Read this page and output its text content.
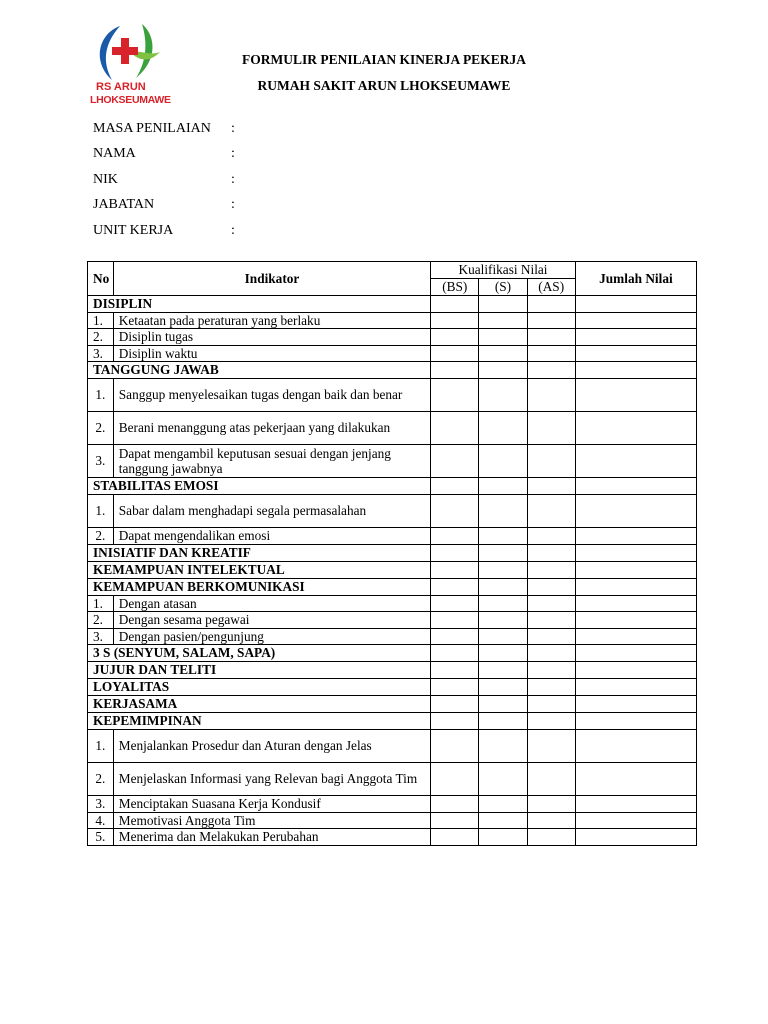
RS ARUN
LHOKSEUMAWE
FORMULIR PENILAIAN KINERJA PEKERJA
RUMAH SAKIT ARUN LHOKSEUMAWE
MASA PENILAIAN	:
NAMA	:
NIK	:
JABATAN	:
UNIT KERJA	:
No	Indikator	Kualifikasi Nilai			Jumlah Nilai
		(BS)	(S)	(AS)	
DISIPLIN					
1.	Ketaatan pada peraturan yang berlaku				
2.	Disiplin tugas				
3.	Disiplin waktu				
TANGGUNG JAWAB					
1.	Sanggup menyelesaikan tugas dengan baik dan benar				
2.	Berani menanggung atas pekerjaan yang dilakukan				
3.	Dapat mengambil keputusan sesuai dengan jenjang tanggung jawabnya				
STABILITAS EMOSI					
1.	Sabar dalam menghadapi segala permasalahan				
2.	Dapat mengendalikan emosi				
INISIATIF DAN KREATIF					
KEMAMPUAN INTELEKTUAL					
KEMAMPUAN BERKOMUNIKASI					
1.	Dengan atasan				
2.	Dengan sesama pegawai				
3.	Dengan pasien/pengunjung				
3 S (SENYUM, SALAM, SAPA)					
JUJUR DAN TELITI					
LOYALITAS					
KERJASAMA					
KEPEMIMPINAN					
1.	Menjalankan Prosedur dan Aturan dengan Jelas				
2.	Menjelaskan Informasi yang Relevan bagi Anggota Tim				
3.	Menciptakan Suasana Kerja Kondusif				
4.	Memotivasi Anggota Tim				
5.	Menerima dan Melakukan Perubahan				
